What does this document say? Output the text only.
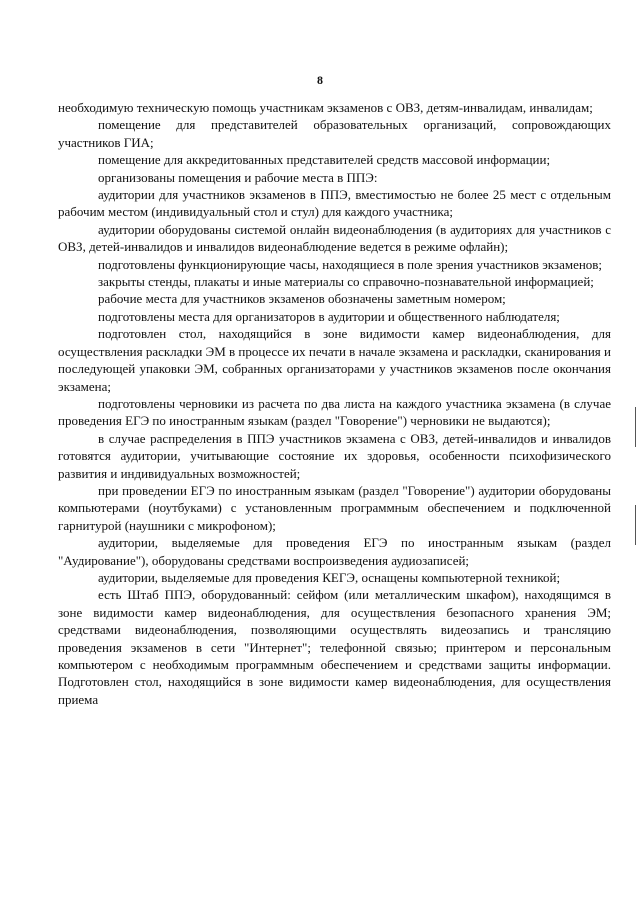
8

необходимую техническую помощь участникам экзаменов с ОВЗ, детям-инвалидам, инвалидам;

помещение для представителей образовательных организаций, сопровождающих участников ГИА;

помещение для аккредитованных представителей средств массовой информации;

организованы помещения и рабочие места в ППЭ:

аудитории для участников экзаменов в ППЭ, вместимостью не более 25 мест с отдельным рабочим местом (индивидуальный стол и стул) для каждого участника;

аудитории оборудованы системой онлайн видеонаблюдения (в аудиториях для участников с ОВЗ, детей-инвалидов и инвалидов видеонаблюдение ведется в режиме офлайн);

подготовлены функционирующие часы, находящиеся в поле зрения участников экзаменов;

закрыты стенды, плакаты и иные материалы со справочно-познавательной информацией;

рабочие места для участников экзаменов обозначены заметным номером;

подготовлены места для организаторов в аудитории и общественного наблюдателя;

подготовлен стол, находящийся в зоне видимости камер видеонаблюдения, для осуществления раскладки ЭМ в процессе их печати в начале экзамена и раскладки, сканирования и последующей упаковки ЭМ, собранных организаторами у участников экзаменов после окончания экзамена;

подготовлены черновики из расчета по два листа на каждого участника экзамена (в случае проведения ЕГЭ по иностранным языкам (раздел "Говорение") черновики не выдаются);

в случае распределения в ППЭ участников экзамена с ОВЗ, детей-инвалидов и инвалидов готовятся аудитории, учитывающие состояние их здоровья, особенности психофизического развития и индивидуальных возможностей;

при проведении ЕГЭ по иностранным языкам (раздел "Говорение") аудитории оборудованы компьютерами (ноутбуками) с установленным программным обеспечением и подключенной гарнитурой (наушники с микрофоном);

аудитории, выделяемые для проведения ЕГЭ по иностранным языкам (раздел "Аудирование"), оборудованы средствами воспроизведения аудиозаписей;

аудитории, выделяемые для проведения КЕГЭ, оснащены компьютерной техникой;

есть Штаб ППЭ, оборудованный: сейфом (или металлическим шкафом), находящимся в зоне видимости камер видеонаблюдения, для осуществления безопасного хранения ЭМ; средствами видеонаблюдения, позволяющими осуществлять видеозапись и трансляцию проведения экзаменов в сети "Интернет"; телефонной связью; принтером и персональным компьютером с необходимым программным обеспечением и средствами защиты информации. Подготовлен стол, находящийся в зоне видимости камер видеонаблюдения, для осуществления приема
